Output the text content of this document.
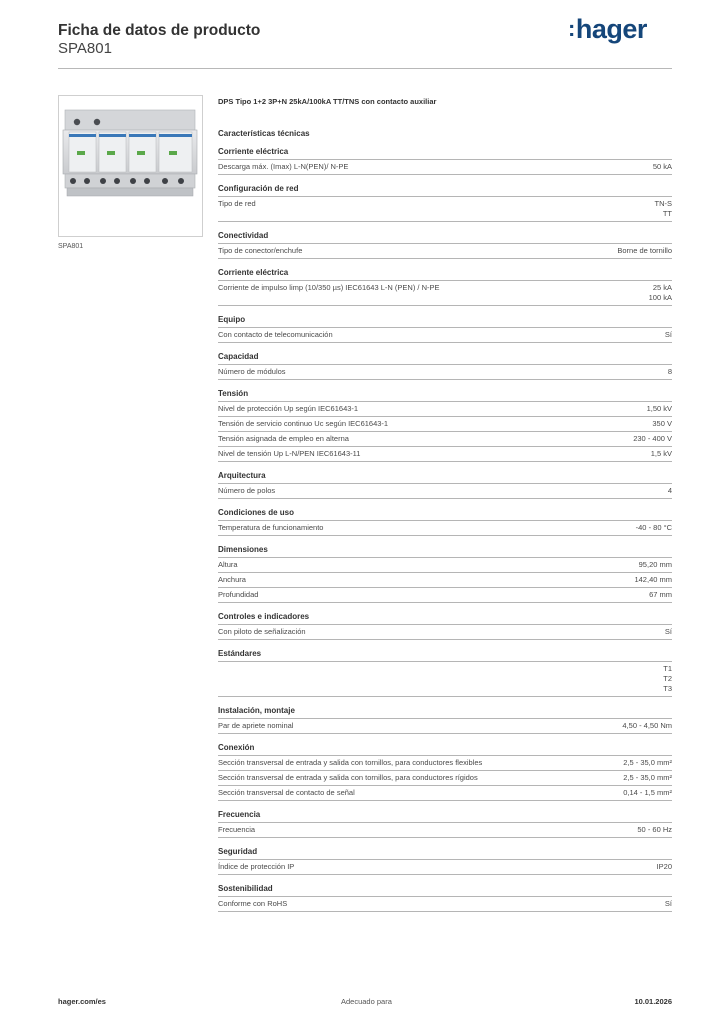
Ficha de datos de producto
SPA801
:hager
SPA801
DPS Tipo 1+2 3P+N 25kA/100kA TT/TNS con contacto auxiliar
Características técnicas
Corriente eléctrica
Descarga máx. (Imax) L-N(PEN)/ N-PE	50 kA
Configuración de red
Tipo de red	TN-S
TT
Conectividad
Tipo de conector/enchufe	Borne de tornillo
Corriente eléctrica
Corriente de impulso limp (10/350 µs) IEC61643 L-N (PEN) / N-PE	25 kA
100 kA
Equipo
Con contacto de telecomunicación	Sí
Capacidad
Número de módulos	8
Tensión
Nivel de protección Up según IEC61643-1	1,50 kV
Tensión de servicio continuo Uc según IEC61643-1	350 V
Tensión asignada de empleo en alterna	230 - 400 V
Nivel de tensión Up L-N/PEN IEC61643-11	1,5 kV
Arquitectura
Número de polos	4
Condiciones de uso
Temperatura de funcionamiento	-40 - 80 °C
Dimensiones
Altura	95,20 mm
Anchura	142,40 mm
Profundidad	67 mm
Controles e indicadores
Con piloto de señalización	Sí
Estándares
T1
T2
T3
Instalación, montaje
Par de apriete nominal	4,50 - 4,50 Nm
Conexión
Sección transversal de entrada y salida con tornillos, para conductores flexibles	2,5 - 35,0 mm²
Sección transversal de entrada y salida con tornillos, para conductores rígidos	2,5 - 35,0 mm²
Sección transversal de contacto de señal	0,14 - 1,5 mm²
Frecuencia
Frecuencia	50 - 60 Hz
Seguridad
Índice de protección IP	IP20
Sostenibilidad
Conforme con RoHS	Sí
hager.com/es	Adecuado para	10.01.2026
